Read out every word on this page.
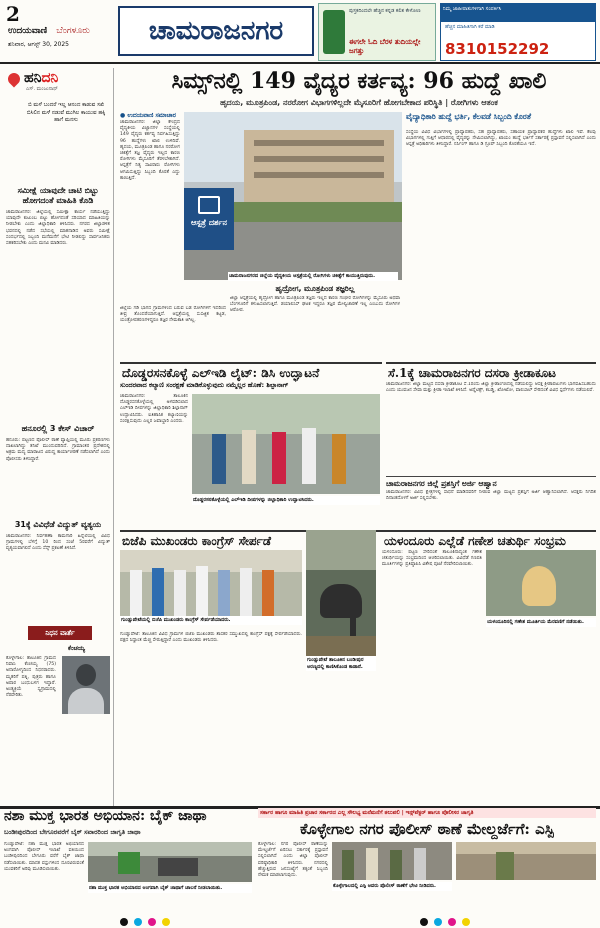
2
ಉದಯವಾಣಿ ಬೆಂಗಳೂರು
ಶನಿವಾರ, ಆಗಸ್ಟ್ 30, 2025	ಚಾಮರಾಜನಗರ
ಪುಸ್ತಕದಿಂದಲೇ ಹೆಚ್ಚಿನ ಕನ್ನಡ ಕಲಿತ ಕೇಳೋಣ
ಈಗಲೇ ಓದಿ ಬೆರಳ ತುದಿಯಲ್ಲೇ ಜಗತ್ತು
ನಿಮ್ಮ ಜಾಹೀರಾತುಗಳಿಗಾಗಿ ಸಂಪರ್ಕಿಸಿ
ಹೆಚ್ಚಿನ ಮಾಹಿತಿಗಾಗಿ ಕರೆ ಮಾಡಿ
8310152292
ಹನಿದನಿ
ಎಸ್. ಮಂಜುನಾಥ್
ಬಿ ಮಳೆ ಬಂದರೆ ಇಲ್ಲ ಆನಂದ ಕಾಡುವ ಸಖಿ ಬಿಸಿಲಿನ ಮಳೆ ನಡುವೆ ಮುಗಿಲ ಕಾಯುವ ಹಕ್ಕಿ ಹಾಗೆ ಮನಸು
ಸಮೀಕ್ಷೆ ಯಾವುದೇ ಚಾಟಿ ಬಿಟ್ಟು ಹೋಗದಂತೆ ಮಾಹಿತಿ ಕೊಡಿ
ಚಾಮರಾಜನಗರ: ಜಿಲ್ಲೆಯಲ್ಲಿ ಸಮೀಕ್ಷಾ ಕಾರ್ಯ ನಡೆಯುತ್ತಿದ್ದು ಯಾವುದೇ ಕುಟುಂಬ ಬಿಟ್ಟು ಹೋಗದಂತೆ ಸರಿಯಾದ ಮಾಹಿತಿಯನ್ನು ನೀಡಬೇಕು ಎಂದು ಜಿಲ್ಲಾಧಿಕಾರಿ ತಿಳಿಸಿದರು. ನಗರದ ಜಿಲ್ಲಾಡಳಿತ ಭವನದಲ್ಲಿ ನಡೆದ ಸಭೆಯಲ್ಲಿ ಮಾತನಾಡಿದ ಅವರು ಸಮೀಕ್ಷೆ ಸಂದರ್ಭದಲ್ಲಿ ಸಿಬ್ಬಂದಿ ಮನೆಮನೆಗೆ ಭೇಟಿ ನೀಡಲಿದ್ದು ಸಾರ್ವಜನಿಕರು ಸಹಕರಿಸಬೇಕು ಎಂದು ಮನವಿ ಮಾಡಿದರು.
ಹನೂರಲ್ಲಿ 3 ಕೇಸ್ ವಿಚಾರ್
ಹನೂರು: ಪಟ್ಟಣದ ಪೊಲೀಸ್ ಠಾಣೆ ವ್ಯಾಪ್ತಿಯಲ್ಲಿ ಮೂರು ಪ್ರಕರಣಗಳು ದಾಖಲಾಗಿದ್ದು ತನಿಖೆ ಮುಂದುವರಿದಿದೆ. ಗ್ರಾಮಾಂತರ ಪ್ರದೇಶದಲ್ಲಿ ಅಕ್ರಮ ಮದ್ಯ ಮಾರಾಟದ ವಿರುದ್ಧ ಕಾರ್ಯಾಚರಣೆ ನಡೆಸಲಾಗಿದೆ ಎಂದು ಪೊಲೀಸರು ತಿಳಿಸಿದ್ದಾರೆ.
31ಕ್ಕೆ ವಿವಿಧೆಡೆ ವಿದ್ಯುತ್ ವ್ಯತ್ಯಯ
ಚಾಮರಾಜನಗರ: ನಿರ್ವಹಣಾ ಕಾಮಗಾರಿ ಹಿನ್ನೆಲೆಯಲ್ಲಿ ವಿವಿಧ ಗ್ರಾಮಗಳಲ್ಲಿ ಬೆಳಗ್ಗೆ 10 ರಿಂದ ಸಂಜೆ 5ರವರೆಗೆ ವಿದ್ಯುತ್ ವ್ಯತ್ಯಯವಾಗಲಿದೆ ಎಂದು ಸೆಸ್ಕ್ ಪ್ರಕಟಣೆ ತಿಳಿಸಿದೆ.
ನಿಧನ ವಾರ್ತೆ
ಕೆಂಚಯ್ಯ
ಕೊಳ್ಳೇಗಾಲ: ತಾಲೂಕಿನ ಗ್ರಾಮದ ನಿವಾಸಿ ಕೆಂಚಯ್ಯ (75) ಅನಾರೋಗ್ಯದಿಂದ ನಿಧನರಾದರು. ಮೃತರಿಗೆ ಪತ್ನಿ, ಪುತ್ರರು ಹಾಗೂ ಅಪಾರ ಬಂಧುಬಳಗ ಇದ್ದಾರೆ. ಅಂತ್ಯಕ್ರಿಯೆ ಸ್ವಗ್ರಾಮದಲ್ಲಿ ನೆರವೇರಿತು.
ಸಿಮ್ಸ್‌ನಲ್ಲಿ 149 ವೈದ್ಯರ ಕರ್ತವ್ಯ: 96 ಹುದ್ದೆ ಖಾಲಿ
ಹೃದಯ, ಮೂತ್ರಪಿಂಡ, ನರರೋಗ ವಿಭಾಗಗಳಿಲ್ಲದೇ ಮೈಸೂರಿಗೆ ಹೋಗಬೇಕಾದ ಪರಿಸ್ಥಿತಿ | ರೋಗಿಗಳು ಆತಂಕ
● ಉದಯವಾಣಿ ಸಮಾಚಾರ
ಚಾಮರಾಜನಗರ: ಜಿಲ್ಲಾ ಕೇಂದ್ರದ ವೈದ್ಯಕೀಯ ವಿಜ್ಞಾನಗಳ ಸಂಸ್ಥೆಯಲ್ಲಿ 149 ವೈದ್ಯರು ಕರ್ತವ್ಯ ನಿರ್ವಹಿಸುತ್ತಿದ್ದು 96 ಹುದ್ದೆಗಳು ಖಾಲಿ ಉಳಿದಿವೆ. ಹೃದಯ, ಮೂತ್ರಪಿಂಡ ಹಾಗೂ ನರರೋಗ ಚಿಕಿತ್ಸೆಗೆ ತಜ್ಞ ವೈದ್ಯರು ಇಲ್ಲದ ಕಾರಣ ರೋಗಿಗಳು ಮೈಸೂರಿಗೆ ತೆರಳಬೇಕಾಗಿದೆ. ಆಸ್ಪತ್ರೆಗೆ ನಿತ್ಯ ಸಾವಿರಾರು ರೋಗಿಗಳು ಆಗಮಿಸುತ್ತಿದ್ದು ಸಿಬ್ಬಂದಿ ಕೊರತೆ ಎದ್ದು ಕಾಣುತ್ತಿದೆ.
ಜಿಲ್ಲೆಯ ಗಡಿ ಭಾಗದ ಗ್ರಾಮಗಳಿಂದ ಬರುವ ಬಡ ರೋಗಿಗಳಿಗೆ ಇದರಿಂದ ತೀವ್ರ ತೊಂದರೆಯಾಗುತ್ತಿದೆ. ಆಸ್ಪತ್ರೆಯಲ್ಲಿ ಸುಸಜ್ಜಿತ ಕಟ್ಟಡ, ಯಂತ್ರೋಪಕರಣಗಳಿದ್ದರೂ ತಜ್ಞರ ನೇಮಕಾತಿ ಆಗಿಲ್ಲ.
ಆಸ್ಪತ್ರೆ ದರ್ಶನ
ಚಾಮರಾಜನಗರದ ಜಿಲ್ಲೆಯ ವೈದ್ಯಕೀಯ ಆಸ್ಪತ್ರೆಯಲ್ಲಿ ರೋಗಿಗಳು ಚಿಕಿತ್ಸೆಗೆ ಕಾಯುತ್ತಿರುವುದು.
ಹೃದ್ರೋಗ, ಮೂತ್ರಪಿಂಡ ತಜ್ಞರಿಲ್ಲ
ಜಿಲ್ಲಾ ಆಸ್ಪತ್ರೆಯಲ್ಲಿ ಹೃದ್ರೋಗ ಹಾಗೂ ಮೂತ್ರಪಿಂಡ ತಜ್ಞರು ಇಲ್ಲದ ಕಾರಣ ಗಂಭೀರ ರೋಗಿಗಳನ್ನು ಮೈಸೂರು ಅಥವಾ ಬೆಂಗಳೂರಿಗೆ ಕಳುಹಿಸಲಾಗುತ್ತಿದೆ. ಡಯಾಲಿಸಿಸ್ ಘಟಕ ಇದ್ದರೂ ತಜ್ಞರ ಮೇಲ್ವಿಚಾರಣೆ ಇಲ್ಲ ಎಂಬುದು ರೋಗಿಗಳ ಆರೋಪ.
ವೈದ್ಯಾಧಿಕಾರಿ ಹುದ್ದೆ ಭರ್ತಿ, ಕೆಲವಡೆ ಸಿಬ್ಬಂದಿ ಕೊರತೆ
ಸಂಸ್ಥೆಯ ವಿವಿಧ ವಿಭಾಗಗಳಲ್ಲಿ ಪ್ರಾಧ್ಯಾಪಕರು, ಸಹ ಪ್ರಾಧ್ಯಾಪಕರು, ಸಹಾಯಕ ಪ್ರಾಧ್ಯಾಪಕರ ಹುದ್ದೆಗಳು ಖಾಲಿ ಇವೆ. ಕೆಲವು ವಿಭಾಗಗಳಲ್ಲಿ ಗುತ್ತಿಗೆ ಆಧಾರದಲ್ಲಿ ವೈದ್ಯರನ್ನು ನೇಮಿಸಲಾಗಿದ್ದು, ಖಾಯಂ ಹುದ್ದೆ ಭರ್ತಿಗೆ ಸರ್ಕಾರಕ್ಕೆ ಪ್ರಸ್ತಾವನೆ ಸಲ್ಲಿಸಲಾಗಿದೆ ಎಂದು ಆಸ್ಪತ್ರೆ ಅಧಿಕಾರಿಗಳು ತಿಳಿಸಿದ್ದಾರೆ. ನರ್ಸಿಂಗ್ ಹಾಗೂ ಡಿ ಗ್ರೂಪ್ ಸಿಬ್ಬಂದಿ ಕೊರತೆಯೂ ಇದೆ.
ದೊಡ್ಡರಸನಕೊಳ್ಳೆ ಎಲ್‌ಇಡಿ ಲೈಟ್: ಡಿಸಿ ಉದ್ಘಾಟನೆ
ಸುಂದರವಾದ ಕಲ್ಯಾಣಿ ಸಂರಕ್ಷಣೆ ಮಾಡಿಕೊಳ್ಳುವುದು ನಮ್ಮೆಲ್ಲರ ಹೊಣೆ: ಶಿಲ್ಪಾನಾಗ್
ಚಾಮರಾಜನಗರ: ತಾಲೂಕಿನ ದೊಡ್ಡರಸನಕೊಳ್ಳೆಯಲ್ಲಿ ಅಳವಡಿಸಲಾದ ಎಲ್‌ಇಡಿ ದೀಪಗಳನ್ನು ಜಿಲ್ಲಾಧಿಕಾರಿ ಶಿಲ್ಪಾನಾಗ್ ಉದ್ಘಾಟಿಸಿದರು. ಐತಿಹಾಸಿಕ ಕಲ್ಯಾಣಿಯನ್ನು ಸಂರಕ್ಷಿಸುವುದು ಎಲ್ಲರ ಜವಾಬ್ದಾರಿ ಎಂದರು.
ದೊಡ್ಡರಸನಕೊಳ್ಳೆಯಲ್ಲಿ ಎಲ್‌ಇಡಿ ದೀಪಗಳನ್ನು ಜಿಲ್ಲಾಧಿಕಾರಿ ಉದ್ಘಾಟಿಸಿದರು.
ಸೆ.1ಕ್ಕೆ ಚಾಮರಾಜನಗರ ದಸರಾ ಕ್ರೀಡಾಕೂಟ
ಚಾಮರಾಜನಗರ: ಜಿಲ್ಲಾ ಮಟ್ಟದ ದಸರಾ ಕ್ರೀಡಾಕೂಟ ಸೆ.1ರಂದು ಜಿಲ್ಲಾ ಕ್ರೀಡಾಂಗಣದಲ್ಲಿ ನಡೆಯಲಿದ್ದು ಆಸಕ್ತ ಕ್ರೀಡಾಪಟುಗಳು ಭಾಗವಹಿಸಬಹುದು ಎಂದು ಯುವಜನ ಸೇವಾ ಮತ್ತು ಕ್ರೀಡಾ ಇಲಾಖೆ ತಿಳಿಸಿದೆ. ಅಥ್ಲೆಟಿಕ್ಸ್, ಕಬಡ್ಡಿ, ಖೋಖೋ, ವಾಲಿಬಾಲ್ ಸೇರಿದಂತೆ ವಿವಿಧ ಸ್ಪರ್ಧೆಗಳು ನಡೆಯಲಿವೆ.
ಚಾಮರಾಜನಗರ ಜಿಲ್ಲೆ ಪ್ರಶಸ್ತಿಗೆ ಅರ್ಜಿ ಆಹ್ವಾನ
ಚಾಮರಾಜನಗರ: ವಿವಿಧ ಕ್ಷೇತ್ರಗಳಲ್ಲಿ ಸಾಧನೆ ಮಾಡಿದವರಿಗೆ ನೀಡುವ ಜಿಲ್ಲಾ ಮಟ್ಟದ ಪ್ರಶಸ್ತಿಗೆ ಅರ್ಜಿ ಆಹ್ವಾನಿಸಲಾಗಿದೆ. ಆಸಕ್ತರು ನಿಗದಿತ ದಿನಾಂಕದೊಳಗೆ ಅರ್ಜಿ ಸಲ್ಲಿಸಬೇಕು.
ಬಿಜೆಪಿ ಮುಖಂಡರು ಕಾಂಗ್ರೆಸ್ ಸೇರ್ಪಡೆ
ಗುಂಡ್ಲುಪೇಟೆಯಲ್ಲಿ ಬಿಜೆಪಿ ಮುಖಂಡರು ಕಾಂಗ್ರೆಸ್ ಸೇರ್ಪಡೆಯಾದರು.
ಗುಂಡ್ಲುಪೇಟೆ: ತಾಲೂಕಿನ ವಿವಿಧ ಗ್ರಾಮಗಳ ಬಿಜೆಪಿ ಮುಖಂಡರು ಶಾಸಕರ ಸಮ್ಮುಖದಲ್ಲಿ ಕಾಂಗ್ರೆಸ್ ಪಕ್ಷಕ್ಕೆ ಸೇರ್ಪಡೆಯಾದರು. ಪಕ್ಷದ ಸಿದ್ಧಾಂತ ಮೆಚ್ಚಿ ಸೇರುತ್ತಿದ್ದಾರೆ ಎಂದು ಮುಖಂಡರು ತಿಳಿಸಿದರು.
ಗುಂಡ್ಲುಪೇಟೆ ತಾಲೂಕಿನ ಬಂಡೀಪುರ ಅರಣ್ಯದಲ್ಲಿ ಕಾಣಿಸಿಕೊಂಡ ಕಾಡಾನೆ.
ಯಳಂದೂರು ಎಲ್ಲೆಡೆ ಗಣೇಶ ಚತುರ್ಥಿ ಸಂಭ್ರಮ
ಯಳಂದೂರು: ಪಟ್ಟಣ ಸೇರಿದಂತೆ ತಾಲೂಕಿನಾದ್ಯಂತ ಗಣೇಶ ಚತುರ್ಥಿಯನ್ನು ಸಂಭ್ರಮದಿಂದ ಆಚರಿಸಲಾಯಿತು. ವಿವಿಧೆಡೆ ಗಣಪತಿ ಮೂರ್ತಿಗಳನ್ನು ಪ್ರತಿಷ್ಠಾಪಿಸಿ ವಿಶೇಷ ಪೂಜೆ ನೆರವೇರಿಸಲಾಯಿತು.
ಯಳಂದೂರಿನಲ್ಲಿ ಗಣೇಶ ಮೂರ್ತಿಯ ಮೆರವಣಿಗೆ ನಡೆಯಿತು.
ನಶಾ ಮುಕ್ತ ಭಾರತ ಅಭಿಯಾನ: ಬೈಕ್ ಜಾಥಾ
ಬಂಡೀಪುರದಿಂದ ಬೇಗೂರವರೆಗೆ ಬೈಕ್ ಸವಾರರಿಂದ ಜಾಗೃತಿ ಜಾಥಾ
ಸರ್ಕಾರ ಹಾಗೂ ಮಾಹಿತಿ ಪ್ರಚಾರ ಸರ್ಕಾರದ ಎಲ್ಲ ಸೌಲಭ್ಯ ಮನೆಮನೆಗೆ ತಲುಪಲಿ | ಇನ್ಸ್‌ಪೆಕ್ಟರ್ ಹಾಗೂ ಪೊಲೀಸರ ಜಾಗೃತಿ
ಕೊಳ್ಳೇಗಾಲ ನಗರ ಪೊಲೀಸ್ ಠಾಣೆ ಮೇಲ್ದರ್ಜೆಗೆ: ಎಸ್ಪಿ
ಗುಂಡ್ಲುಪೇಟೆ: ನಶಾ ಮುಕ್ತ ಭಾರತ ಅಭಿಯಾನದ ಅಂಗವಾಗಿ ಪೊಲೀಸ್ ಇಲಾಖೆ ವತಿಯಿಂದ ಬಂಡೀಪುರದಿಂದ ಬೇಗೂರು ವರೆಗೆ ಬೈಕ್ ಜಾಥಾ ನಡೆಸಲಾಯಿತು. ಮಾದಕ ವಸ್ತುಗಳಿಂದ ದೂರವಿರುವಂತೆ ಯುವಕರಿಗೆ ಅರಿವು ಮೂಡಿಸಲಾಯಿತು.
ನಶಾ ಮುಕ್ತ ಭಾರತ ಅಭಿಯಾನದ ಅಂಗವಾಗಿ ಬೈಕ್ ಜಾಥಾಗೆ ಚಾಲನೆ ನೀಡಲಾಯಿತು.
ಕೊಳ್ಳೇಗಾಲ: ನಗರ ಪೊಲೀಸ್ ಠಾಣೆಯನ್ನು ಮೇಲ್ದರ್ಜೆಗೆ ಏರಿಸಲು ಸರ್ಕಾರಕ್ಕೆ ಪ್ರಸ್ತಾವನೆ ಸಲ್ಲಿಸಲಾಗಿದೆ ಎಂದು ಜಿಲ್ಲಾ ಪೊಲೀಸ್ ವರಿಷ್ಠಾಧಿಕಾರಿ ತಿಳಿಸಿದರು. ನಗರದಲ್ಲಿ ಹೆಚ್ಚುತ್ತಿರುವ ಜನಸಂಖ್ಯೆಗೆ ತಕ್ಕಂತೆ ಸಿಬ್ಬಂದಿ ನೇಮಕ ಮಾಡಲಾಗುವುದು.
ಕೊಳ್ಳೇಗಾಲದಲ್ಲಿ ಎಸ್ಪಿ ಅವರು ಪೊಲೀಸ್ ಠಾಣೆಗೆ ಭೇಟಿ ನೀಡಿದರು.
